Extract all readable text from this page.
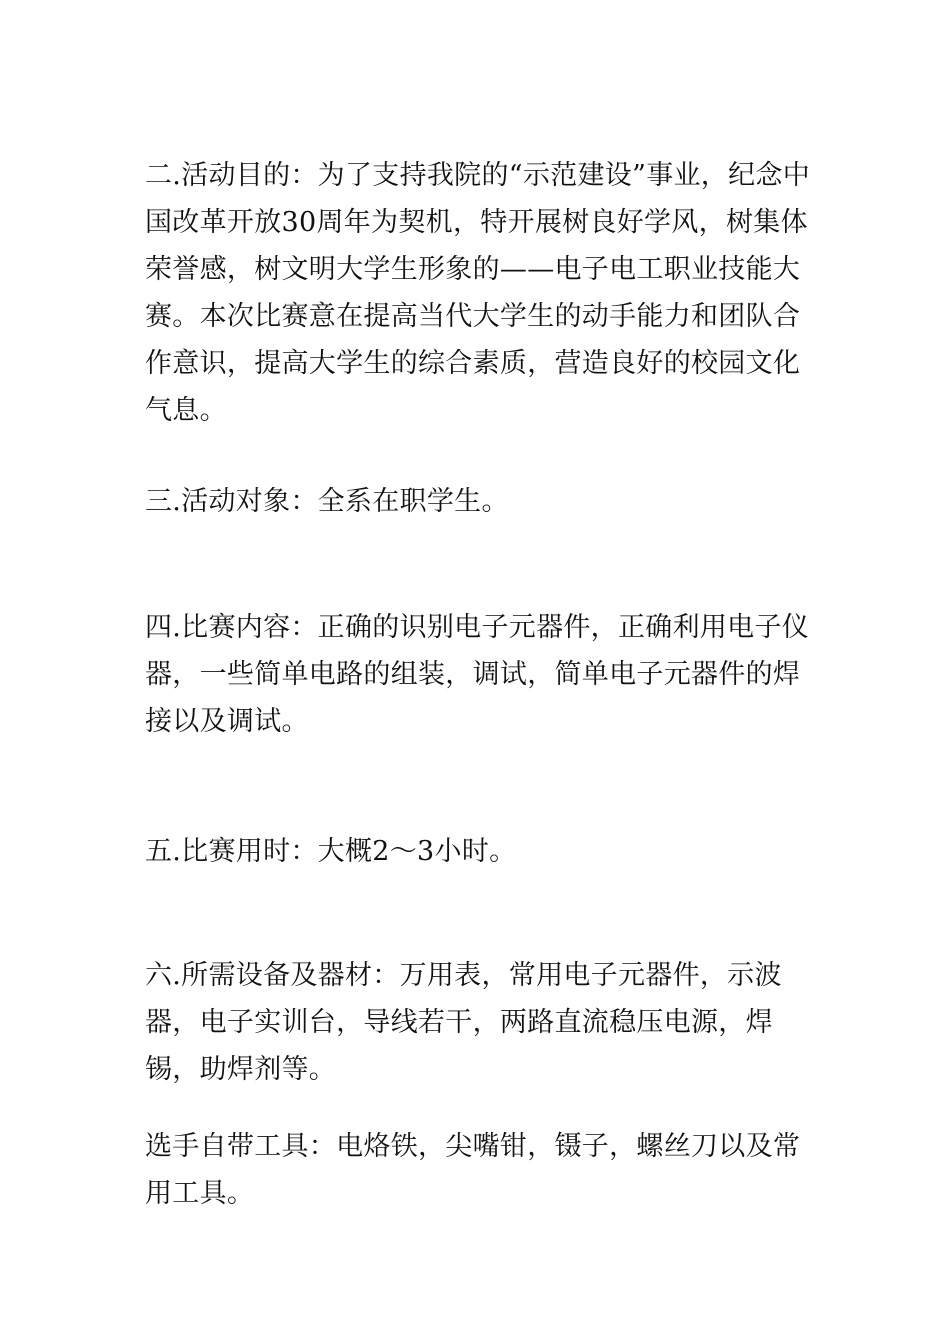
二.活动目的：为了支持我院的“示范建设”事业，纪念中国改革开放30周年为契机，特开展树良好学风，树集体荣誉感，树文明大学生形象的——电子电工职业技能大赛。本次比赛意在提高当代大学生的动手能力和团队合作意识，提高大学生的综合素质，营造良好的校园文化气息。

三.活动对象：全系在职学生。

四.比赛内容：正确的识别电子元器件，正确利用电子仪器，一些简单电路的组装，调试，简单电子元器件的焊接以及调试。

五.比赛用时：大概2～3小时。

六.所需设备及器材：万用表，常用电子元器件，示波器，电子实训台，导线若干，两路直流稳压电源，焊锡，助焊剂等。

选手自带工具：电烙铁，尖嘴钳，镊子，螺丝刀以及常用工具。
